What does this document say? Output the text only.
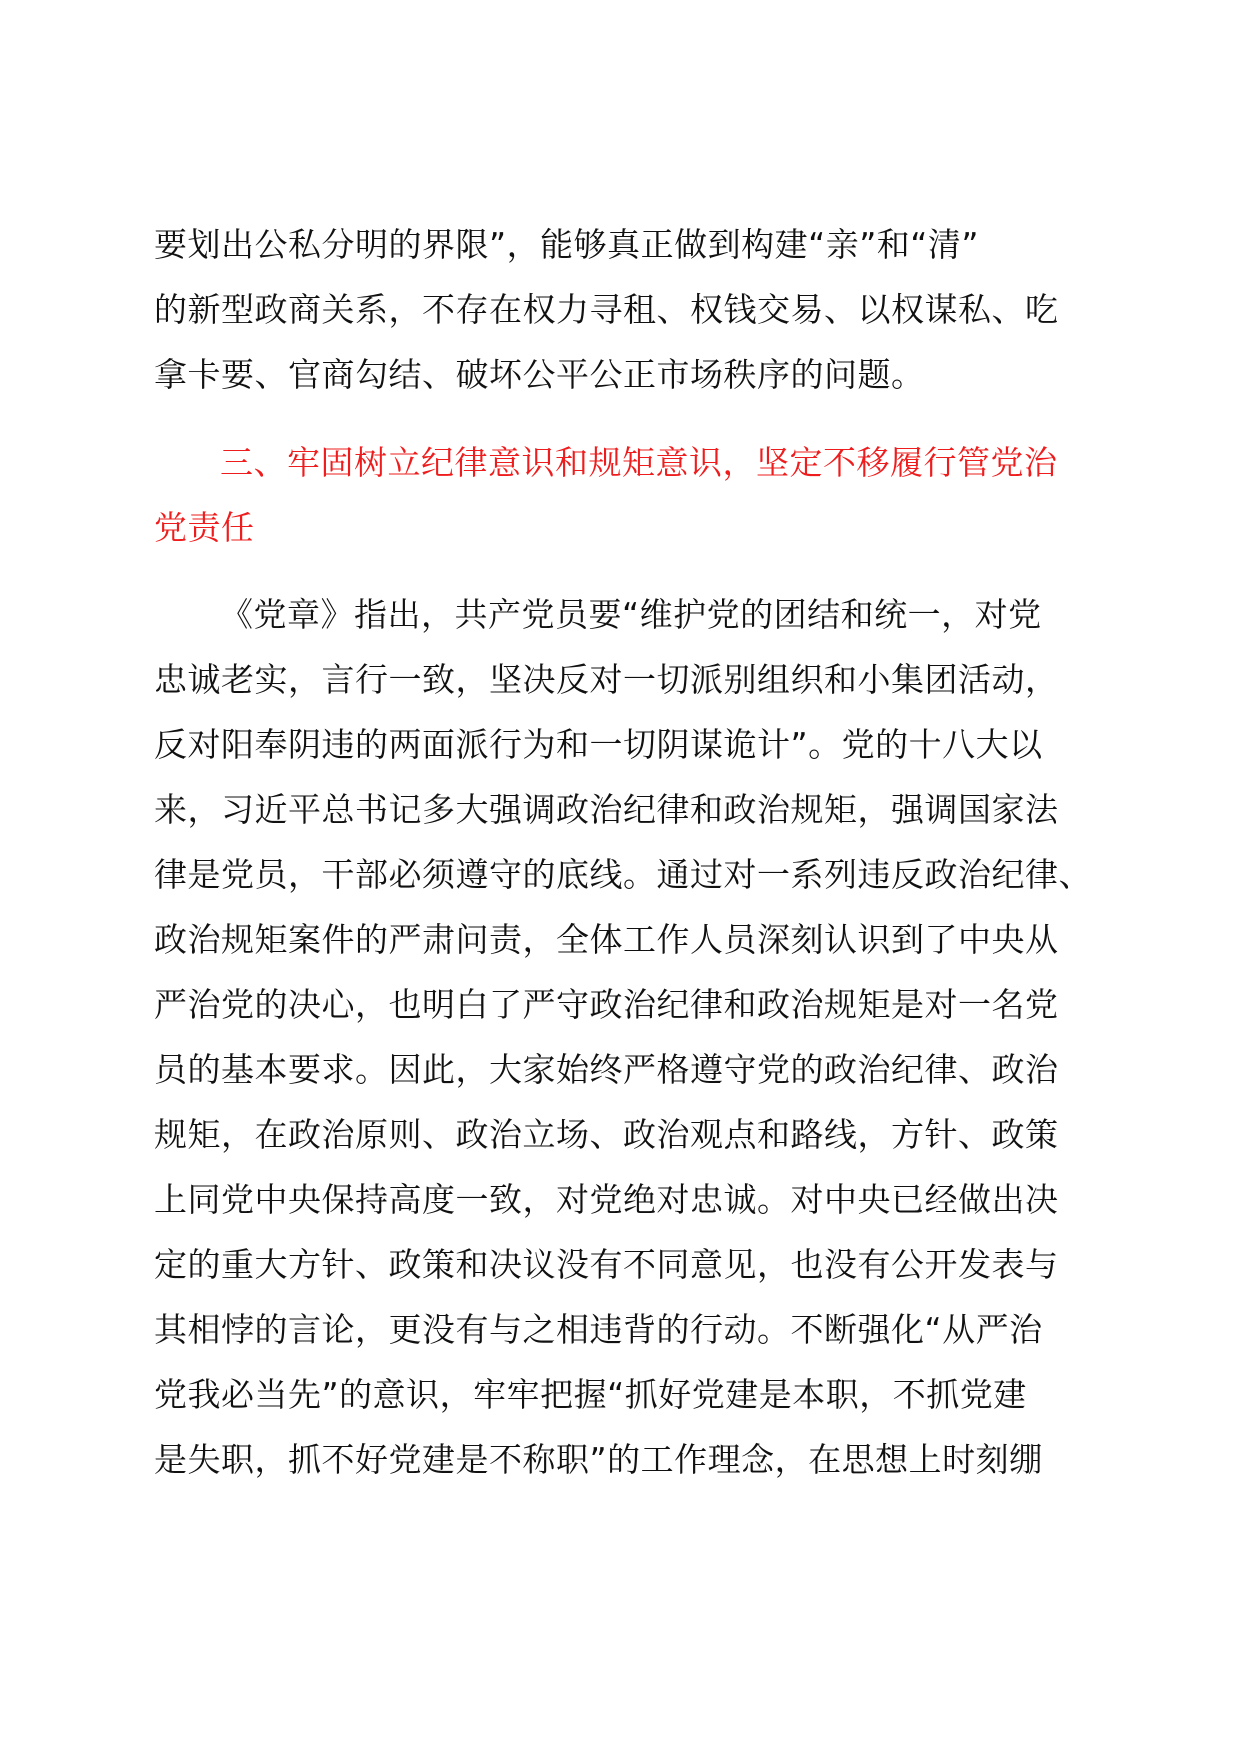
要划出公私分明的界限”，能够真正做到构建“亲”和“清”
的新型政商关系，不存在权力寻租、权钱交易、以权谋私、吃
拿卡要、官商勾结、破坏公平公正市场秩序的问题。
三、牢固树立纪律意识和规矩意识，坚定不移履行管党治
党责任
《党章》指出，共产党员要“维护党的团结和统一，对党
忠诚老实，言行一致，坚决反对一切派别组织和小集团活动，
反对阳奉阴违的两面派行为和一切阴谋诡计”。党的十八大以
来，习近平总书记多大强调政治纪律和政治规矩，强调国家法
律是党员，干部必须遵守的底线。通过对一系列违反政治纪律、
政治规矩案件的严肃问责，全体工作人员深刻认识到了中央从
严治党的决心，也明白了严守政治纪律和政治规矩是对一名党
员的基本要求。因此，大家始终严格遵守党的政治纪律、政治
规矩，在政治原则、政治立场、政治观点和路线，方针、政策
上同党中央保持高度一致，对党绝对忠诚。对中央已经做出决
定的重大方针、政策和决议没有不同意见，也没有公开发表与
其相悖的言论，更没有与之相违背的行动。不断强化“从严治
党我必当先”的意识，牢牢把握“抓好党建是本职，不抓党建
是失职，抓不好党建是不称职”的工作理念，在思想上时刻绷
